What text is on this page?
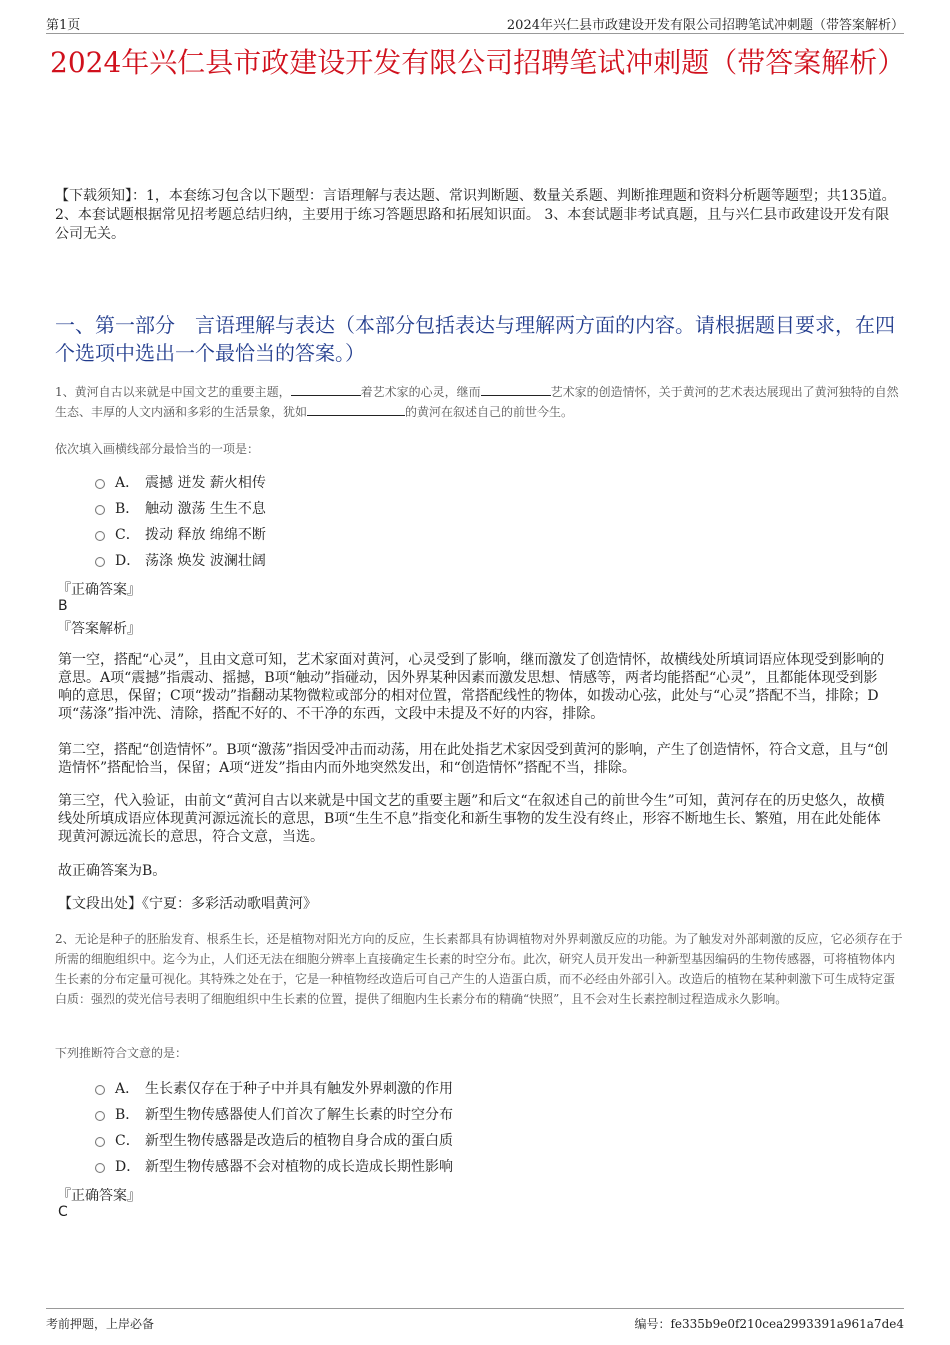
第1页	2024年兴仁县市政建设开发有限公司招聘笔试冲刺题（带答案解析）
2024年兴仁县市政建设开发有限公司招聘笔试冲刺题（带答案解析）
【下载须知】：1，本套练习包含以下题型：言语理解与表达题、常识判断题、数量关系题、判断推理题和资料分析题等题型；共135道。 2、本套试题根据常见招考题总结归纳，主要用于练习答题思路和拓展知识面。 3、本套试题非考试真题，且与兴仁县市政建设开发有限公司无关。
一、第一部分　言语理解与表达（本部分包括表达与理解两方面的内容。请根据题目要求，在四个选项中选出一个最恰当的答案。）
1、黄河自古以来就是中国文艺的重要主题，	着艺术家的心灵，继而	艺术家的创造情怀，关于黄河的艺术表达展现出了黄河独特的自然生态、丰厚的人文内涵和多彩的生活景象，犹如	的黄河在叙述自己的前世今生。
依次填入画横线部分最恰当的一项是：
A． 震撼 迸发 薪火相传
B． 触动 激荡 生生不息
C． 拨动 释放 绵绵不断
D． 荡涤 焕发 波澜壮阔
『正确答案』
B
『答案解析』
第一空，搭配“心灵”，且由文意可知，艺术家面对黄河，心灵受到了影响，继而激发了创造情怀，故横线处所填词语应体现受到影响的意思。A项“震撼”指震动、摇撼，B项“触动”指碰动，因外界某种因素而激发思想、情感等，两者均能搭配“心灵”，且都能体现受到影响的意思，保留；C项“拨动”指翻动某物微粒或部分的相对位置，常搭配线性的物体，如拨动心弦，此处与“心灵”搭配不当，排除；D项“荡涤”指冲洗、清除，搭配不好的、不干净的东西，文段中未提及不好的内容，排除。
第二空，搭配“创造情怀”。B项“激荡”指因受冲击而动荡，用在此处指艺术家因受到黄河的影响，产生了创造情怀，符合文意，且与“创造情怀”搭配恰当，保留；A项“迸发”指由内而外地突然发出，和“创造情怀”搭配不当，排除。
第三空，代入验证，由前文“黄河自古以来就是中国文艺的重要主题”和后文“在叙述自己的前世今生”可知，黄河存在的历史悠久，故横线处所填成语应体现黄河源远流长的意思，B项“生生不息”指变化和新生事物的发生没有终止，形容不断地生长、繁殖，用在此处能体现黄河源远流长的意思，符合文意，当选。
故正确答案为B。
【文段出处】《宁夏：多彩活动歌唱黄河》
2、无论是种子的胚胎发育、根系生长，还是植物对阳光方向的反应，生长素都具有协调植物对外界刺激反应的功能。为了触发对外部刺激的反应，它必须存在于所需的细胞组织中。迄今为止，人们还无法在细胞分辨率上直接确定生长素的时空分布。此次，研究人员开发出一种新型基因编码的生物传感器，可将植物体内生长素的分布定量可视化。其特殊之处在于，它是一种植物经改造后可自己产生的人造蛋白质，而不必经由外部引入。改造后的植物在某种刺激下可生成特定蛋白质：强烈的荧光信号表明了细胞组织中生长素的位置，提供了细胞内生长素分布的精确“快照”，且不会对生长素控制过程造成永久影响。
下列推断符合文意的是：
A． 生长素仅存在于种子中并具有触发外界刺激的作用
B． 新型生物传感器使人们首次了解生长素的时空分布
C． 新型生物传感器是改造后的植物自身合成的蛋白质
D． 新型生物传感器不会对植物的成长造成长期性影响
『正确答案』
C
考前押题，上岸必备	编号：fe335b9e0f210cea2993391a961a7de4
